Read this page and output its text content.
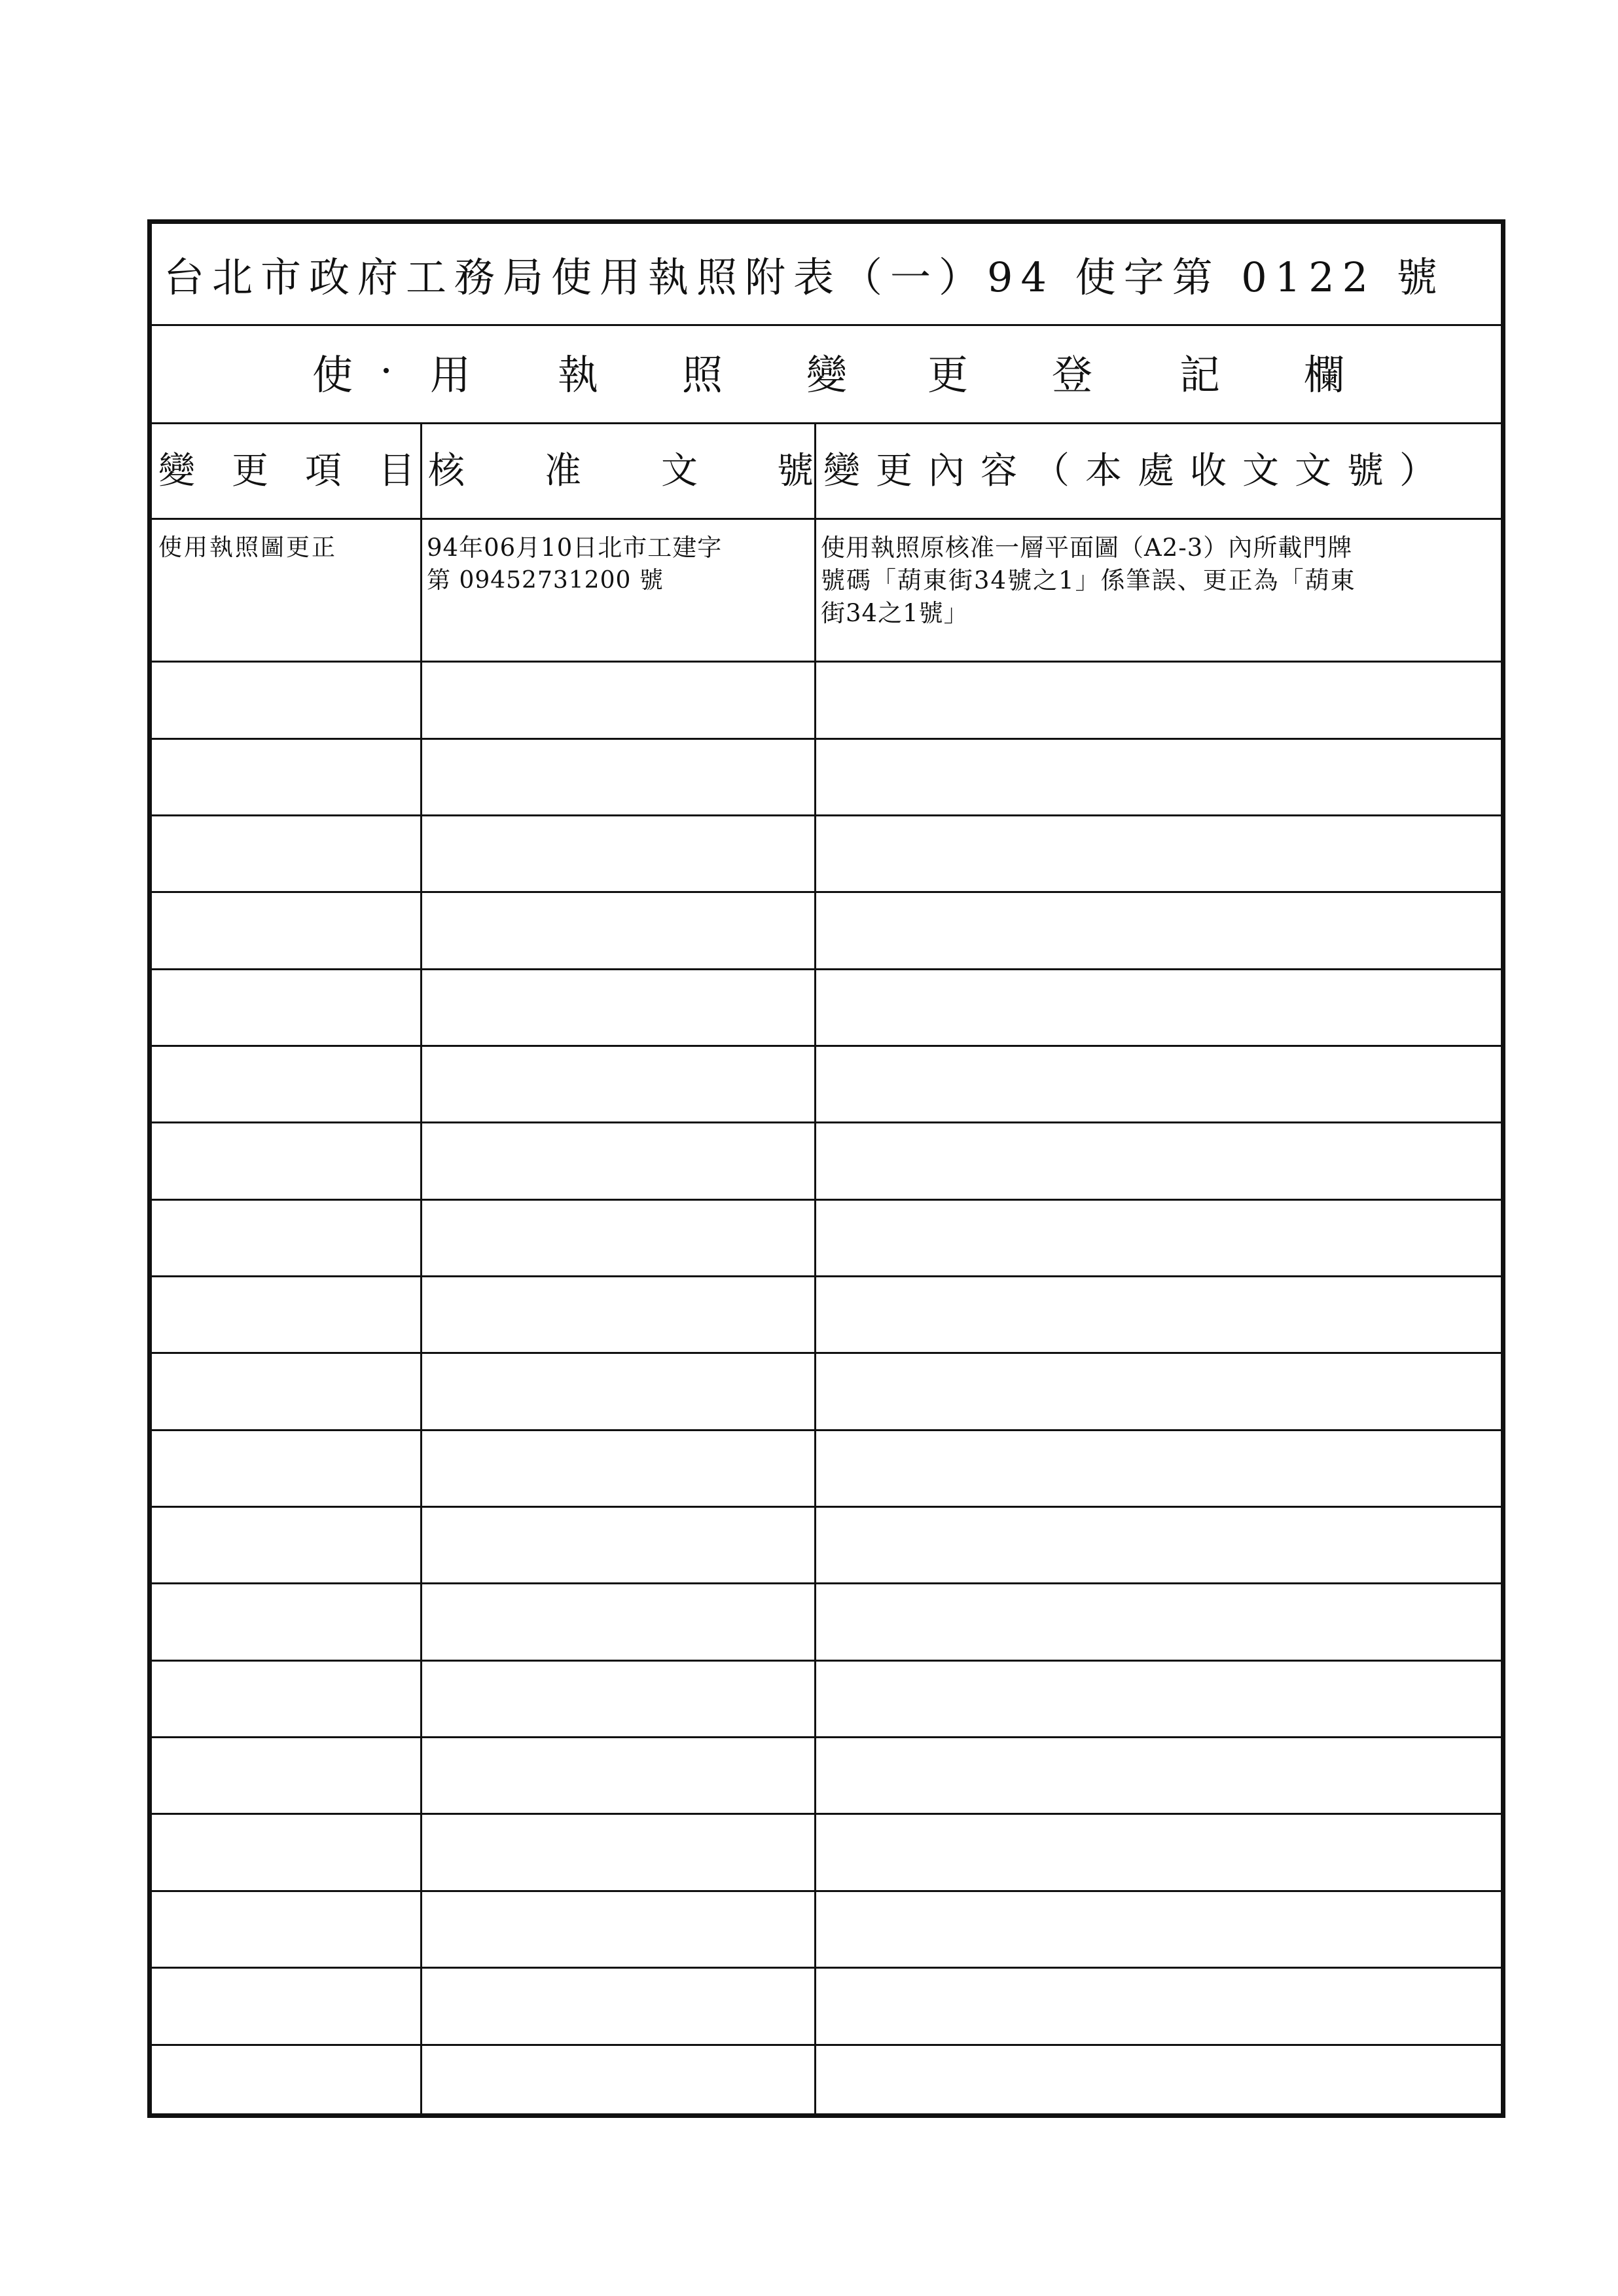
台北市政府工務局使用執照附表（一）94 使字第 0122 號
使 用 執 照 變 更 登 記 欄
變 更 項 目 核 准 文 號 變更內容（本處收文文號）
使用執照圖更正	94年06月10日北市工建字
第 09452731200 號
使用執照原核准一層平面圖（A2-3）內所載門牌
號碼「葫東街34號之1」係筆誤、更正為「葫東
街34之1號」
